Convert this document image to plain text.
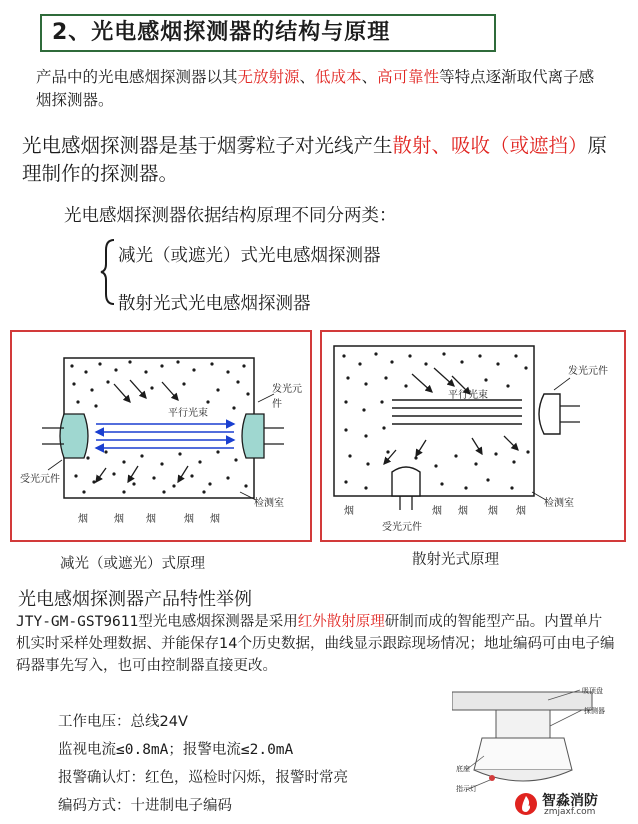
2、光电感烟探测器的结构与原理
产品中的光电感烟探测器以其无放射源、低成本、高可靠性等特点逐渐取代离子感烟探测器。
光电感烟探测器是基于烟雾粒子对光线产生散射、吸收（或遮挡）原理制作的探测器。
光电感烟探测器依据结构原理不同分两类：
减光（或遮光）式光电感烟探测器
散射光式光电感烟探测器
发光元件
平行光束
受光元件
检测室
烟	烟 烟	烟 烟
发光元件
平行光束
检测室
受光元件
烟	烟 烟 烟 烟
减光（或遮光）式原理	散射光式原理
光电感烟探测器产品特性举例
JTY-GM-GST9611型光电感烟探测器是采用红外散射原理研制而成的智能型产品。内置单片机实时采样处理数据、并能保存14个历史数据，曲线显示跟踪现场情况；地址编码可由电子编码器事先写入，也可由控制器直接更改。
工作电压：总线24V
监视电流≤0.8mA；报警电流≤2.0mA
报警确认灯：红色，巡检时闪烁，报警时常亮
编码方式：十进制电子编码
吸顶盘
探测器
底座
指示灯
智淼消防
zmjaxf.com
